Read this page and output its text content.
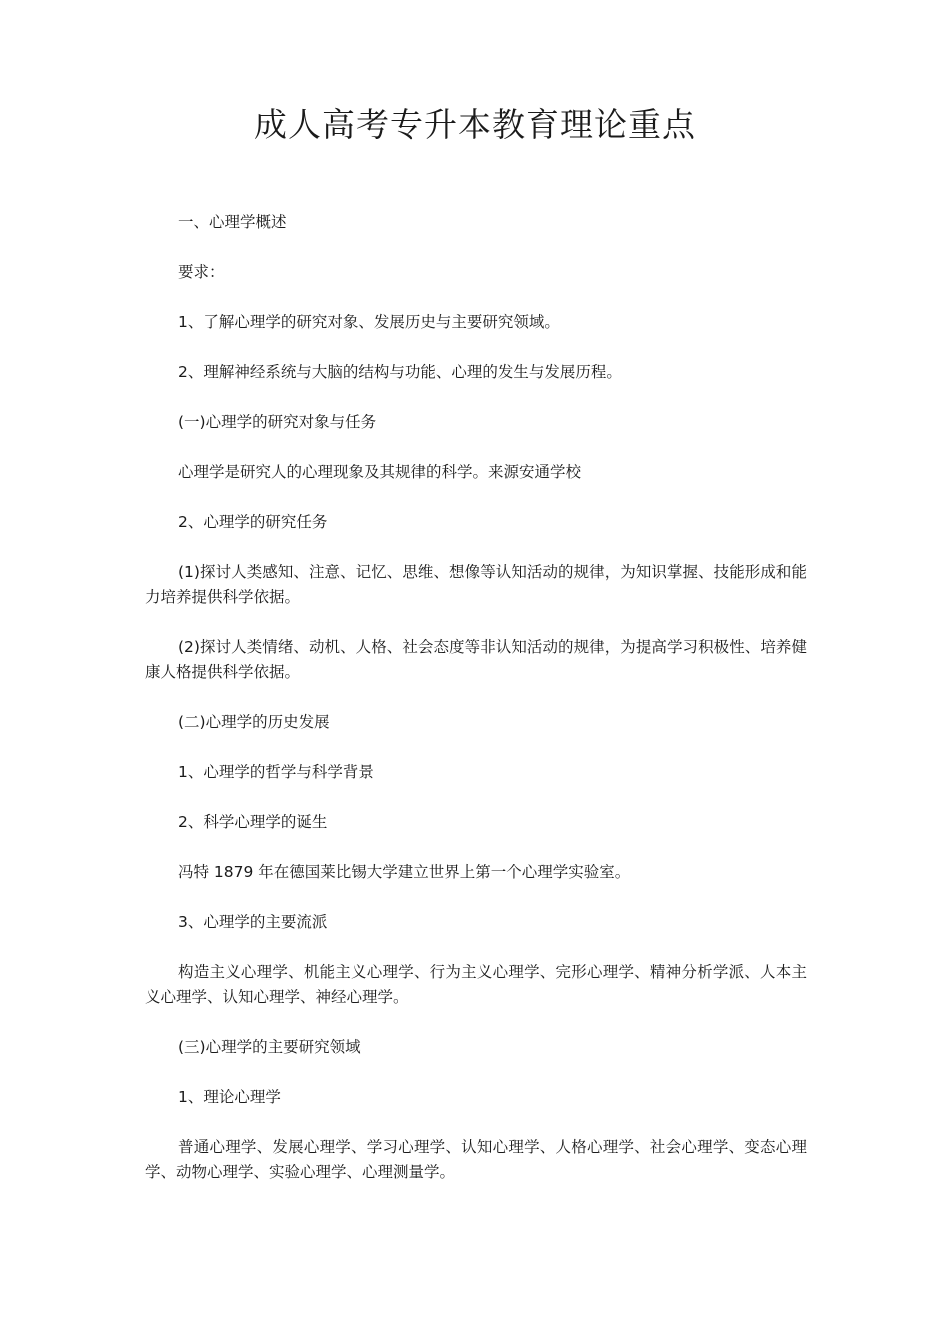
成人高考专升本教育理论重点

一、心理学概述

要求：

1、了解心理学的研究对象、发展历史与主要研究领域。

2、理解神经系统与大脑的结构与功能、心理的发生与发展历程。

(一)心理学的研究对象与任务

心理学是研究人的心理现象及其规律的科学。来源安通学校

2、心理学的研究任务

(1)探讨人类感知、注意、记忆、思维、想像等认知活动的规律，为知识掌握、技能形成和能力培养提供科学依据。

(2)探讨人类情绪、动机、人格、社会态度等非认知活动的规律，为提高学习积极性、培养健康人格提供科学依据。

(二)心理学的历史发展

1、心理学的哲学与科学背景

2、科学心理学的诞生

冯特 1879 年在德国莱比锡大学建立世界上第一个心理学实验室。

3、心理学的主要流派

构造主义心理学、机能主义心理学、行为主义心理学、完形心理学、精神分析学派、人本主义心理学、认知心理学、神经心理学。

(三)心理学的主要研究领域

1、理论心理学

普通心理学、发展心理学、学习心理学、认知心理学、人格心理学、社会心理学、变态心理学、动物心理学、实验心理学、心理测量学。
